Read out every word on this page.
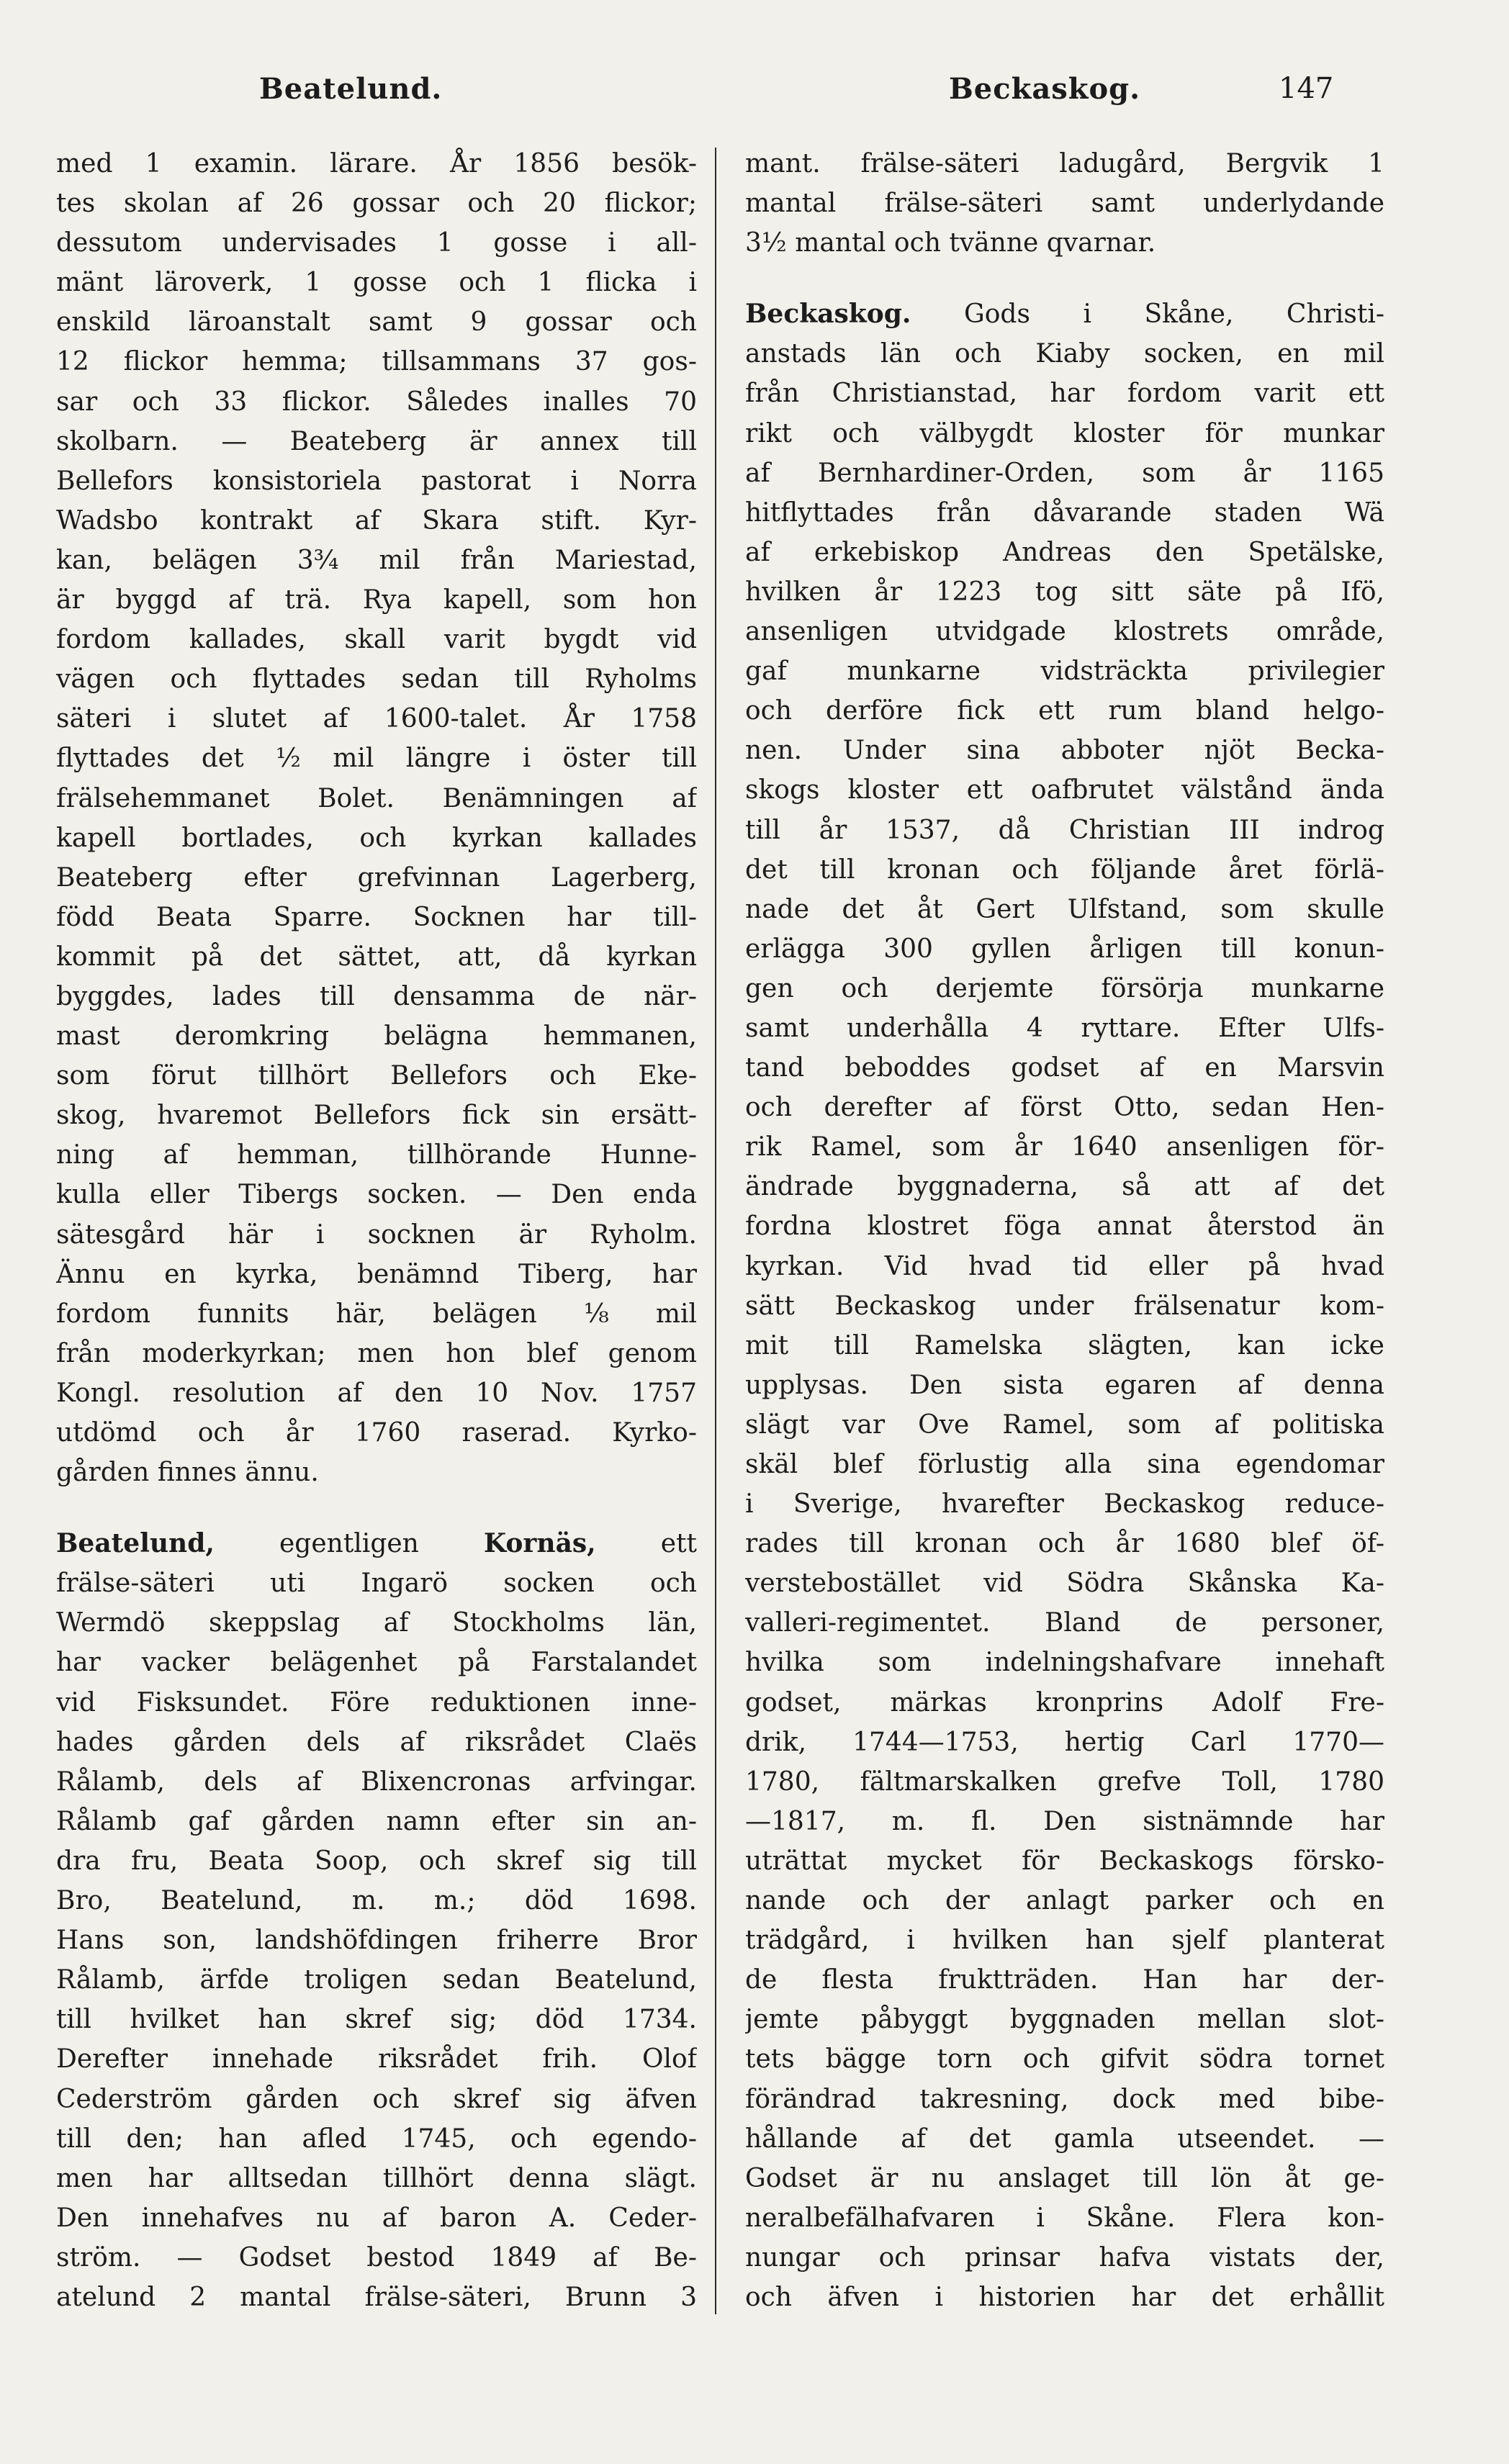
Beatelund.	Beckaskog.	147
med 1 examin. lärare. År 1856 besök-
tes skolan af 26 gossar och 20 flickor;
dessutom undervisades 1 gosse i all-
mänt läroverk, 1 gosse och 1 flicka i
enskild läroanstalt samt 9 gossar och
12 flickor hemma; tillsammans 37 gos-
sar och 33 flickor. Således inalles 70
skolbarn. — Beateberg är annex till
Bellefors konsistoriela pastorat i Norra
Wadsbo kontrakt af Skara stift. Kyr-
kan, belägen 3¾ mil från Mariestad,
är byggd af trä. Rya kapell, som hon
fordom kallades, skall varit bygdt vid
vägen och flyttades sedan till Ryholms
säteri i slutet af 1600-talet. År 1758
flyttades det ½ mil längre i öster till
frälsehemmanet Bolet. Benämningen af
kapell bortlades, och kyrkan kallades
Beateberg efter grefvinnan Lagerberg,
född Beata Sparre. Socknen har till-
kommit på det sättet, att, då kyrkan
byggdes, lades till densamma de när-
mast deromkring belägna hemmanen,
som förut tillhört Bellefors och Eke-
skog, hvaremot Bellefors fick sin ersätt-
ning af hemman, tillhörande Hunne-
kulla eller Tibergs socken. — Den enda
sätesgård här i socknen är Ryholm.
Ännu en kyrka, benämnd Tiberg, har
fordom funnits här, belägen ⅛ mil
från moderkyrkan; men hon blef genom
Kongl. resolution af den 10 Nov. 1757
utdömd och år 1760 raserad. Kyrko-
gården finnes ännu.
Beatelund, egentligen Kornäs, ett
frälse-säteri uti Ingarö socken och
Wermdö skeppslag af Stockholms län,
har vacker belägenhet på Farstalandet
vid Fisksundet. Före reduktionen inne-
hades gården dels af riksrådet Claës
Rålamb, dels af Blixencronas arfvingar.
Rålamb gaf gården namn efter sin an-
dra fru, Beata Soop, och skref sig till
Bro, Beatelund, m. m.; död 1698.
Hans son, landshöfdingen friherre Bror
Rålamb, ärfde troligen sedan Beatelund,
till hvilket han skref sig; död 1734.
Derefter innehade riksrådet frih. Olof
Cederström gården och skref sig äfven
till den; han afled 1745, och egendo-
men har alltsedan tillhört denna slägt.
Den innehafves nu af baron A. Ceder-
ström. — Godset bestod 1849 af Be-
atelund 2 mantal frälse-säteri, Brunn 3
mant. frälse-säteri ladugård, Bergvik 1
mantal frälse-säteri samt underlydande
3½ mantal och tvänne qvarnar.
Beckaskog. Gods i Skåne, Christi-
anstads län och Kiaby socken, en mil
från Christianstad, har fordom varit ett
rikt och välbygdt kloster för munkar
af Bernhardiner-Orden, som år 1165
hitflyttades från dåvarande staden Wä
af erkebiskop Andreas den Spetälske,
hvilken år 1223 tog sitt säte på Ifö,
ansenligen utvidgade klostrets område,
gaf munkarne vidsträckta privilegier
och derföre fick ett rum bland helgo-
nen. Under sina abboter njöt Becka-
skogs kloster ett oafbrutet välstånd ända
till år 1537, då Christian III indrog
det till kronan och följande året förlä-
nade det åt Gert Ulfstand, som skulle
erlägga 300 gyllen årligen till konun-
gen och derjemte försörja munkarne
samt underhålla 4 ryttare. Efter Ulfs-
tand beboddes godset af en Marsvin
och derefter af först Otto, sedan Hen-
rik Ramel, som år 1640 ansenligen för-
ändrade byggnaderna, så att af det
fordna klostret föga annat återstod än
kyrkan. Vid hvad tid eller på hvad
sätt Beckaskog under frälsenatur kom-
mit till Ramelska slägten, kan icke
upplysas. Den sista egaren af denna
slägt var Ove Ramel, som af politiska
skäl blef förlustig alla sina egendomar
i Sverige, hvarefter Beckaskog reduce-
rades till kronan och år 1680 blef öf-
verstebostället vid Södra Skånska Ka-
valleri-regimentet. Bland de personer,
hvilka som indelningshafvare innehaft
godset, märkas kronprins Adolf Fre-
drik, 1744—1753, hertig Carl 1770—
1780, fältmarskalken grefve Toll, 1780
—1817, m. fl. Den sistnämnde har
uträttat mycket för Beckaskogs försko-
nande och der anlagt parker och en
trädgård, i hvilken han sjelf planterat
de flesta fruktträden. Han har der-
jemte påbyggt byggnaden mellan slot-
tets bägge torn och gifvit södra tornet
förändrad takresning, dock med bibe-
hållande af det gamla utseendet. —
Godset är nu anslaget till lön åt ge-
neralbefälhafvaren i Skåne. Flera kon-
nungar och prinsar hafva vistats der,
och äfven i historien har det erhållit
